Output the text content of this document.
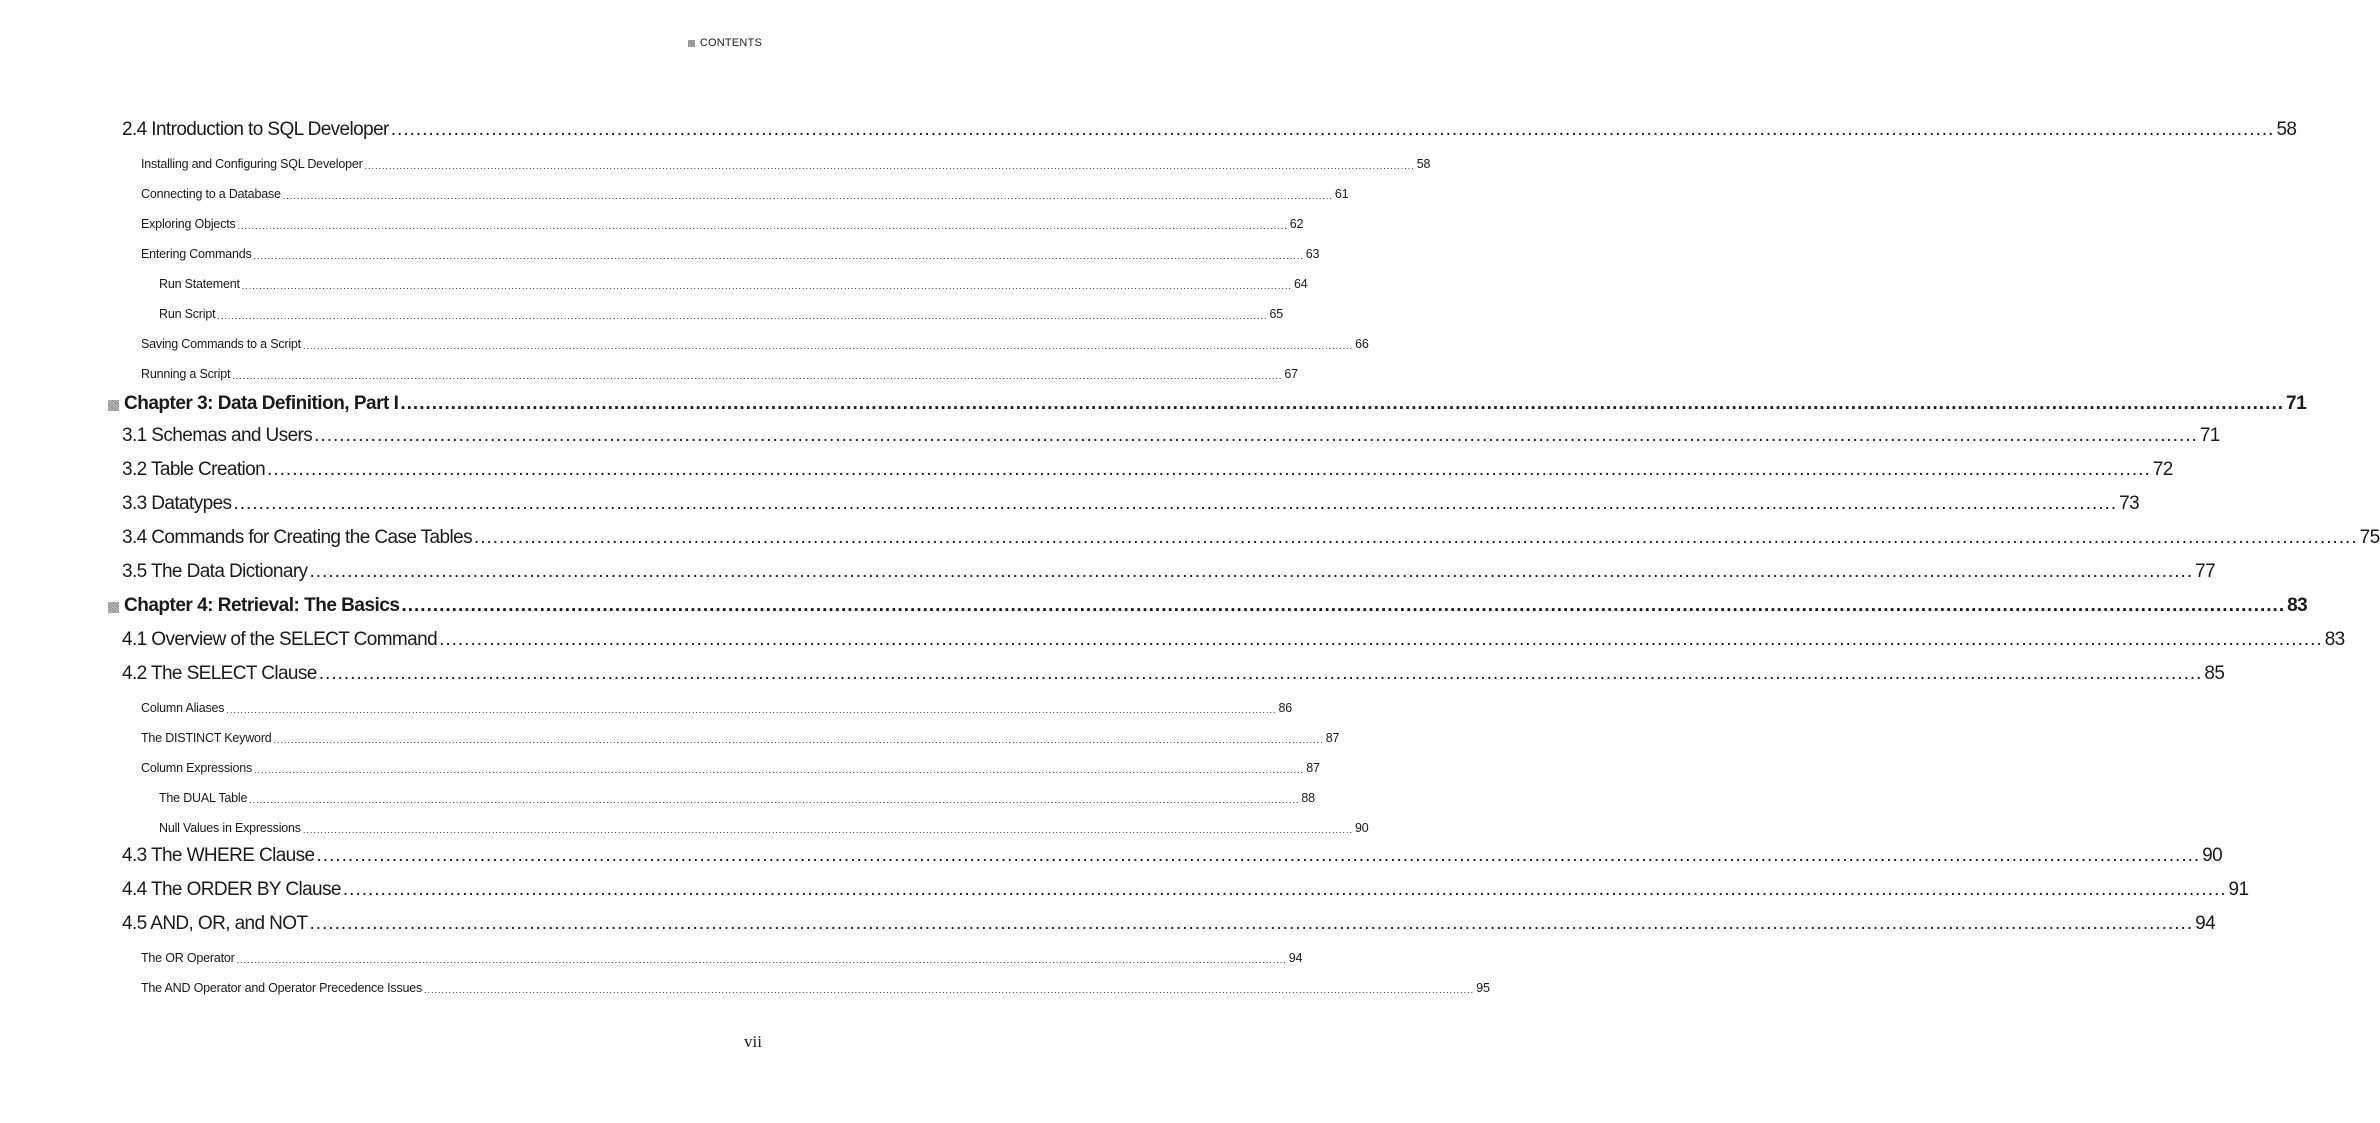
CONTENTS
2.4 Introduction to SQL Developer ............................................................................................................................................................................................................................................................................................................ 58
Installing and Configuring SQL Developer ............................................................................................................................................................................................................................................................................................................ 58
Connecting to a Database ............................................................................................................................................................................................................................................................................................................ 61
Exploring Objects ............................................................................................................................................................................................................................................................................................................ 62
Entering Commands ............................................................................................................................................................................................................................................................................................................ 63
Run Statement ............................................................................................................................................................................................................................................................................................................ 64
Run Script ............................................................................................................................................................................................................................................................................................................ 65
Saving Commands to a Script ............................................................................................................................................................................................................................................................................................................ 66
Running a Script ............................................................................................................................................................................................................................................................................................................ 67
Chapter 3: Data Definition, Part I ............................................................................................................................................................................................................................................................................................................ 71
3.1 Schemas and Users ............................................................................................................................................................................................................................................................................................................ 71
3.2 Table Creation ............................................................................................................................................................................................................................................................................................................ 72
3.3 Datatypes ............................................................................................................................................................................................................................................................................................................ 73
3.4 Commands for Creating the Case Tables ............................................................................................................................................................................................................................................................................................................ 75
3.5 The Data Dictionary ............................................................................................................................................................................................................................................................................................................ 77
Chapter 4: Retrieval: The Basics ............................................................................................................................................................................................................................................................................................................ 83
4.1 Overview of the SELECT Command ............................................................................................................................................................................................................................................................................................................ 83
4.2 The SELECT Clause ............................................................................................................................................................................................................................................................................................................ 85
Column Aliases ............................................................................................................................................................................................................................................................................................................ 86
The DISTINCT Keyword ............................................................................................................................................................................................................................................................................................................ 87
Column Expressions ............................................................................................................................................................................................................................................................................................................ 87
The DUAL Table ............................................................................................................................................................................................................................................................................................................ 88
Null Values in Expressions ............................................................................................................................................................................................................................................................................................................ 90
4.3 The WHERE Clause ............................................................................................................................................................................................................................................................................................................ 90
4.4 The ORDER BY Clause ............................................................................................................................................................................................................................................................................................................ 91
4.5 AND, OR, and NOT ............................................................................................................................................................................................................................................................................................................ 94
The OR Operator ............................................................................................................................................................................................................................................................................................................ 94
The AND Operator and Operator Precedence Issues ............................................................................................................................................................................................................................................................................................................ 95
vii
